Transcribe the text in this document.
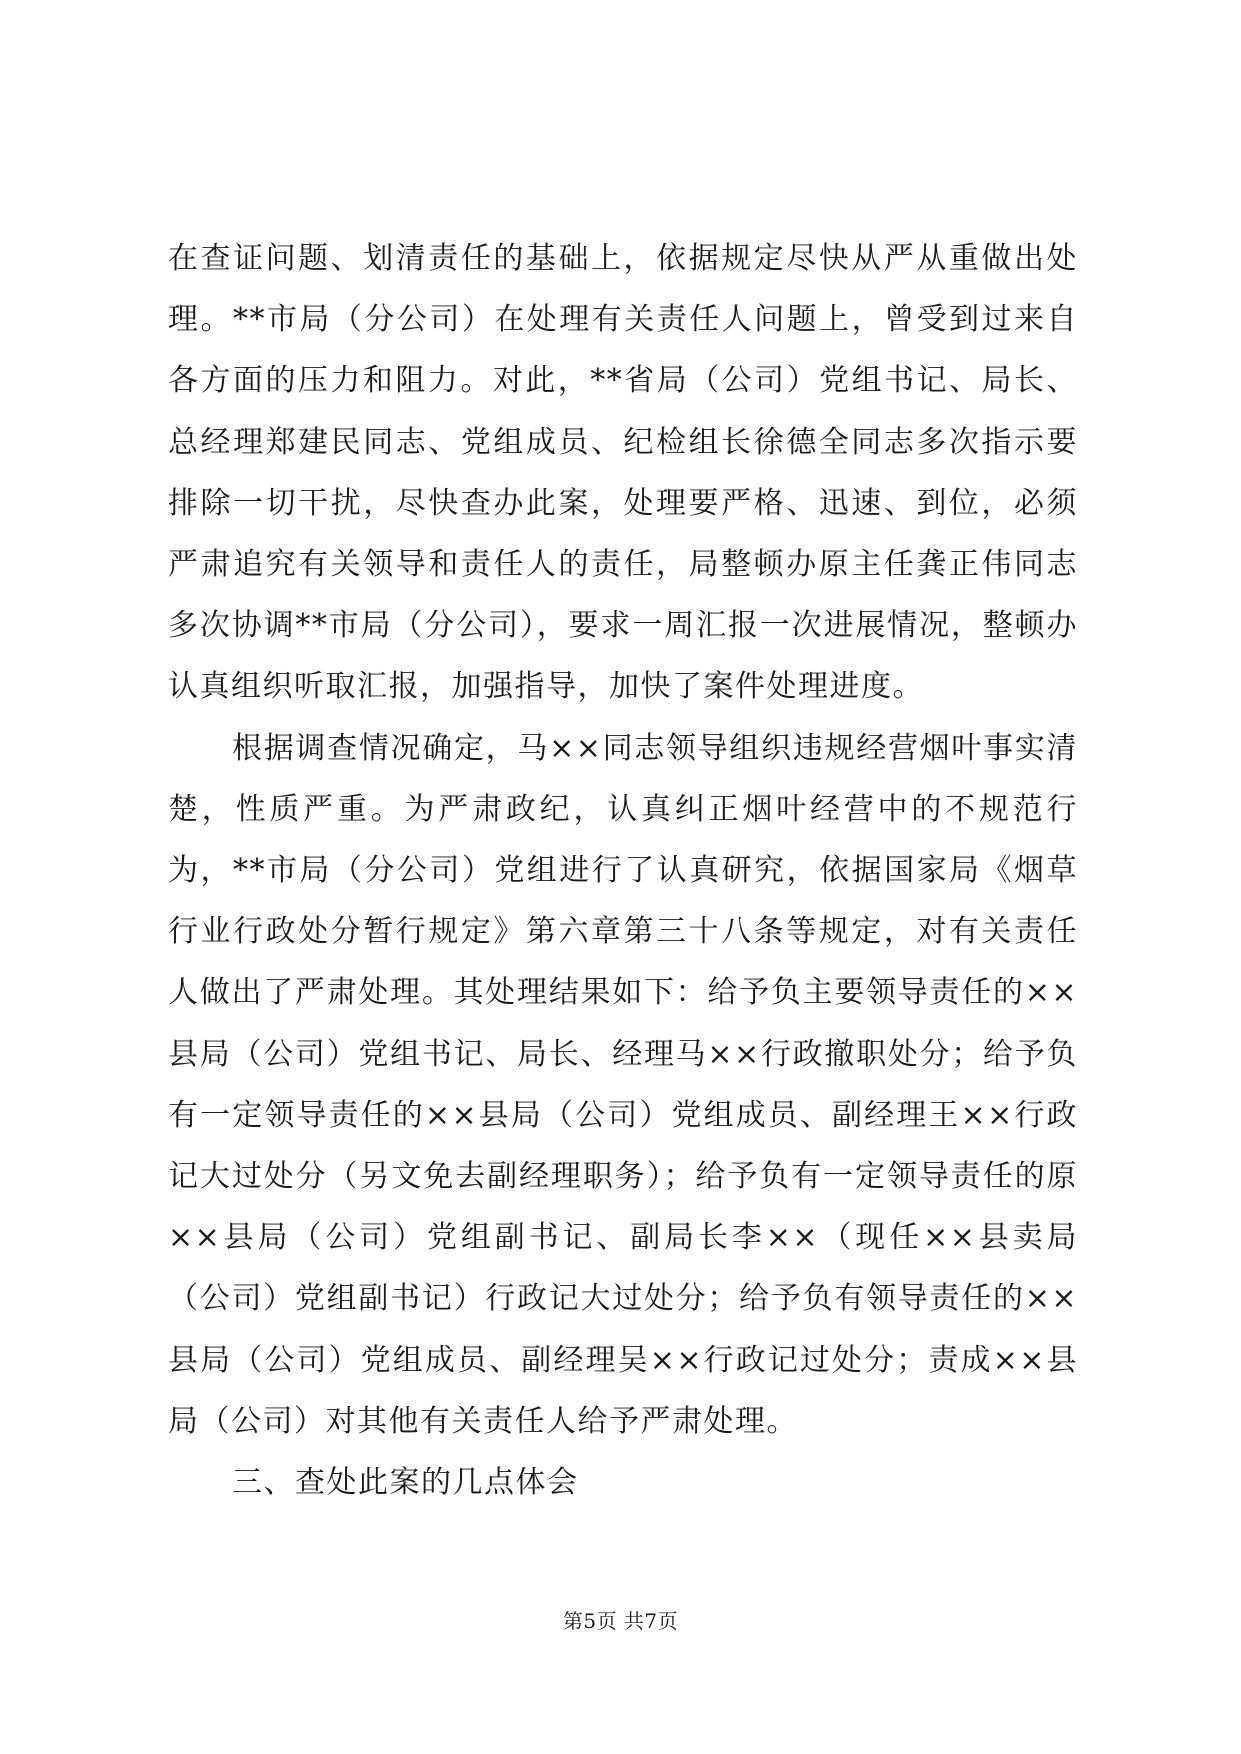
在查证问题、划清责任的基础上，依据规定尽快从严从重做出处理。**市局（分公司）在处理有关责任人问题上，曾受到过来自各方面的压力和阻力。对此，**省局（公司）党组书记、局长、总经理郑建民同志、党组成员、纪检组长徐德全同志多次指示要排除一切干扰，尽快查办此案，处理要严格、迅速、到位，必须严肃追究有关领导和责任人的责任，局整顿办原主任龚正伟同志多次协调**市局（分公司），要求一周汇报一次进展情况，整顿办认真组织听取汇报，加强指导，加快了案件处理进度。

根据调查情况确定，马××同志领导组织违规经营烟叶事实清楚，性质严重。为严肃政纪，认真纠正烟叶经营中的不规范行为，**市局（分公司）党组进行了认真研究，依据国家局《烟草行业行政处分暂行规定》第六章第三十八条等规定，对有关责任人做出了严肃处理。其处理结果如下：给予负主要领导责任的××县局（公司）党组书记、局长、经理马××行政撤职处分；给予负有一定领导责任的××县局（公司）党组成员、副经理王××行政记大过处分（另文免去副经理职务）；给予负有一定领导责任的原××县局（公司）党组副书记、副局长李××（现任××县卖局（公司）党组副书记）行政记大过处分；给予负有领导责任的××县局（公司）党组成员、副经理吴××行政记过处分；责成××县局（公司）对其他有关责任人给予严肃处理。

三、查处此案的几点体会

第5页 共7页
